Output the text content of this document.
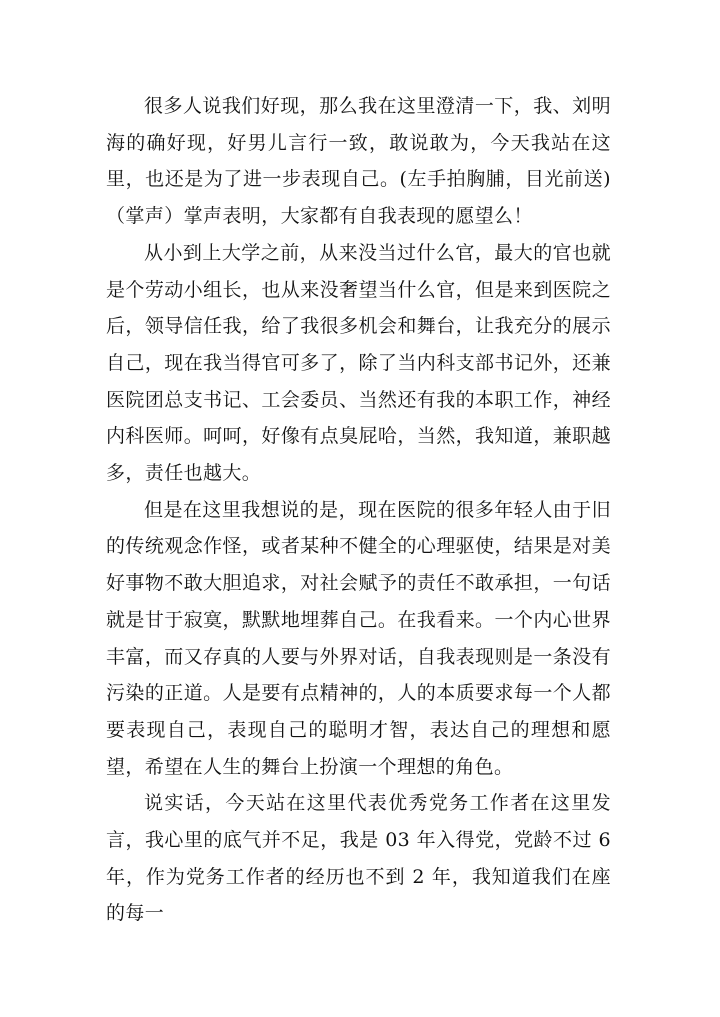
很多人说我们好现，那么我在这里澄清一下，我、刘明海的确好现，好男儿言行一致，敢说敢为，今天我站在这里，也还是为了进一步表现自己。(左手拍胸脯，目光前送)（掌声）掌声表明，大家都有自我表现的愿望么！

从小到上大学之前，从来没当过什么官，最大的官也就是个劳动小组长，也从来没奢望当什么官，但是来到医院之后，领导信任我，给了我很多机会和舞台，让我充分的展示自己，现在我当得官可多了，除了当内科支部书记外，还兼医院团总支书记、工会委员、当然还有我的本职工作，神经内科医师。呵呵，好像有点臭屁哈，当然，我知道，兼职越多，责任也越大。

但是在这里我想说的是，现在医院的很多年轻人由于旧的传统观念作怪，或者某种不健全的心理驱使，结果是对美好事物不敢大胆追求，对社会赋予的责任不敢承担，一句话就是甘于寂寞，默默地埋葬自己。在我看来。一个内心世界丰富，而又存真的人要与外界对话，自我表现则是一条没有污染的正道。人是要有点精神的，人的本质要求每一个人都要表现自己，表现自己的聪明才智，表达自己的理想和愿望，希望在人生的舞台上扮演一个理想的角色。

说实话，今天站在这里代表优秀党务工作者在这里发言，我心里的底气并不足，我是 03 年入得党，党龄不过 6 年，作为党务工作者的经历也不到 2 年，我知道我们在座的每一
